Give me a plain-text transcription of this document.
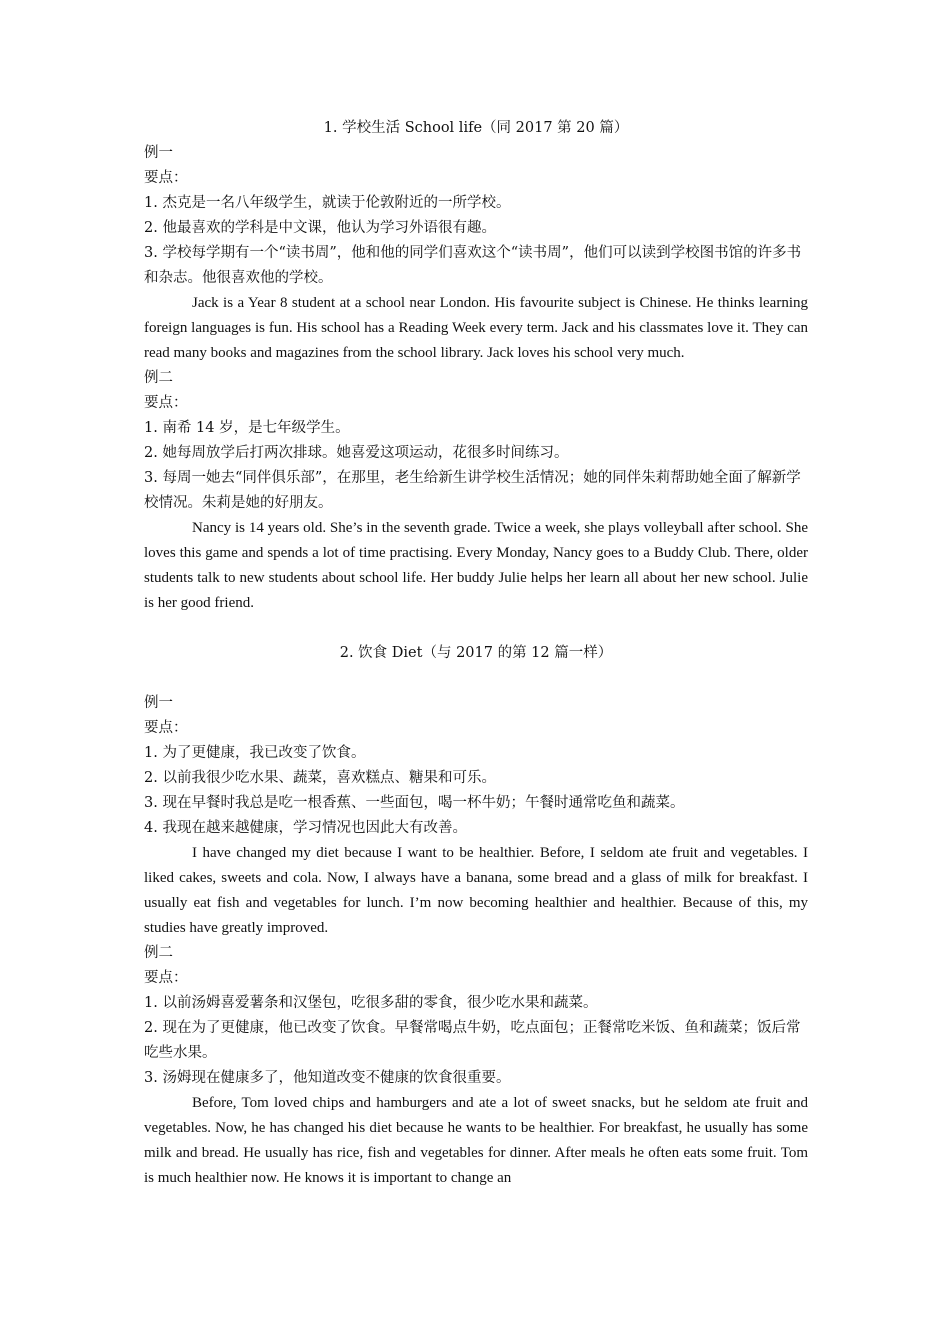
1. 学校生活 School life（同 2017 第 20 篇）
例一
要点：
1. 杰克是一名八年级学生，就读于伦敦附近的一所学校。
2. 他最喜欢的学科是中文课，他认为学习外语很有趣。

3. 学校每学期有一个“读书周”，他和他的同学们喜欢这个“读书周”，他们可以读到学校图书馆的许多书和杂志。他很喜欢他的学校。

Jack is a Year 8 student at a school near London. His favourite subject is Chinese. He thinks learning foreign languages is fun. His school has a Reading Week every term. Jack and his classmates love it. They can read many books and magazines from the school library. Jack loves his school very much.

例二
要点：
1. 南希 14 岁，是七年级学生。
2. 她每周放学后打两次排球。她喜爱这项运动，花很多时间练习。

3. 每周一她去“同伴俱乐部”，在那里，老生给新生讲学校生活情况；她的同伴朱莉帮助她全面了解新学校情况。朱莉是她的好朋友。

Nancy is 14 years old. She’s in the seventh grade. Twice a week, she plays volleyball after school. She loves this game and spends a lot of time practising. Every Monday, Nancy goes to a Buddy Club. There, older students talk to new students about school life. Her buddy Julie helps her learn all about her new school. Julie is her good friend.

2. 饮食 Diet（与 2017 的第 12 篇一样）
例一
要点：
1. 为了更健康，我已改变了饮食。
2. 以前我很少吃水果、蔬菜，喜欢糕点、糖果和可乐。
3. 现在早餐时我总是吃一根香蕉、一些面包，喝一杯牛奶；午餐时通常吃鱼和蔬菜。
4. 我现在越来越健康，学习情况也因此大有改善。

I have changed my diet because I want to be healthier. Before, I seldom ate fruit and vegetables. I liked cakes, sweets and cola. Now, I always have a banana, some bread and a glass of milk for breakfast. I usually eat fish and vegetables for lunch. I’m now becoming healthier and healthier. Because of this, my studies have greatly improved.

例二
要点：
1. 以前汤姆喜爱薯条和汉堡包，吃很多甜的零食，很少吃水果和蔬菜。

2. 现在为了更健康，他已改变了饮食。早餐常喝点牛奶，吃点面包；正餐常吃米饭、鱼和蔬菜；饭后常吃些水果。

3. 汤姆现在健康多了，他知道改变不健康的饮食很重要。

Before, Tom loved chips and hamburgers and ate a lot of sweet snacks, but he seldom ate fruit and vegetables. Now, he has changed his diet because he wants to be healthier. For breakfast, he usually has some milk and bread. He usually has rice, fish and vegetables for dinner. After meals he often eats some fruit. Tom is much healthier now. He knows it is important to change an
